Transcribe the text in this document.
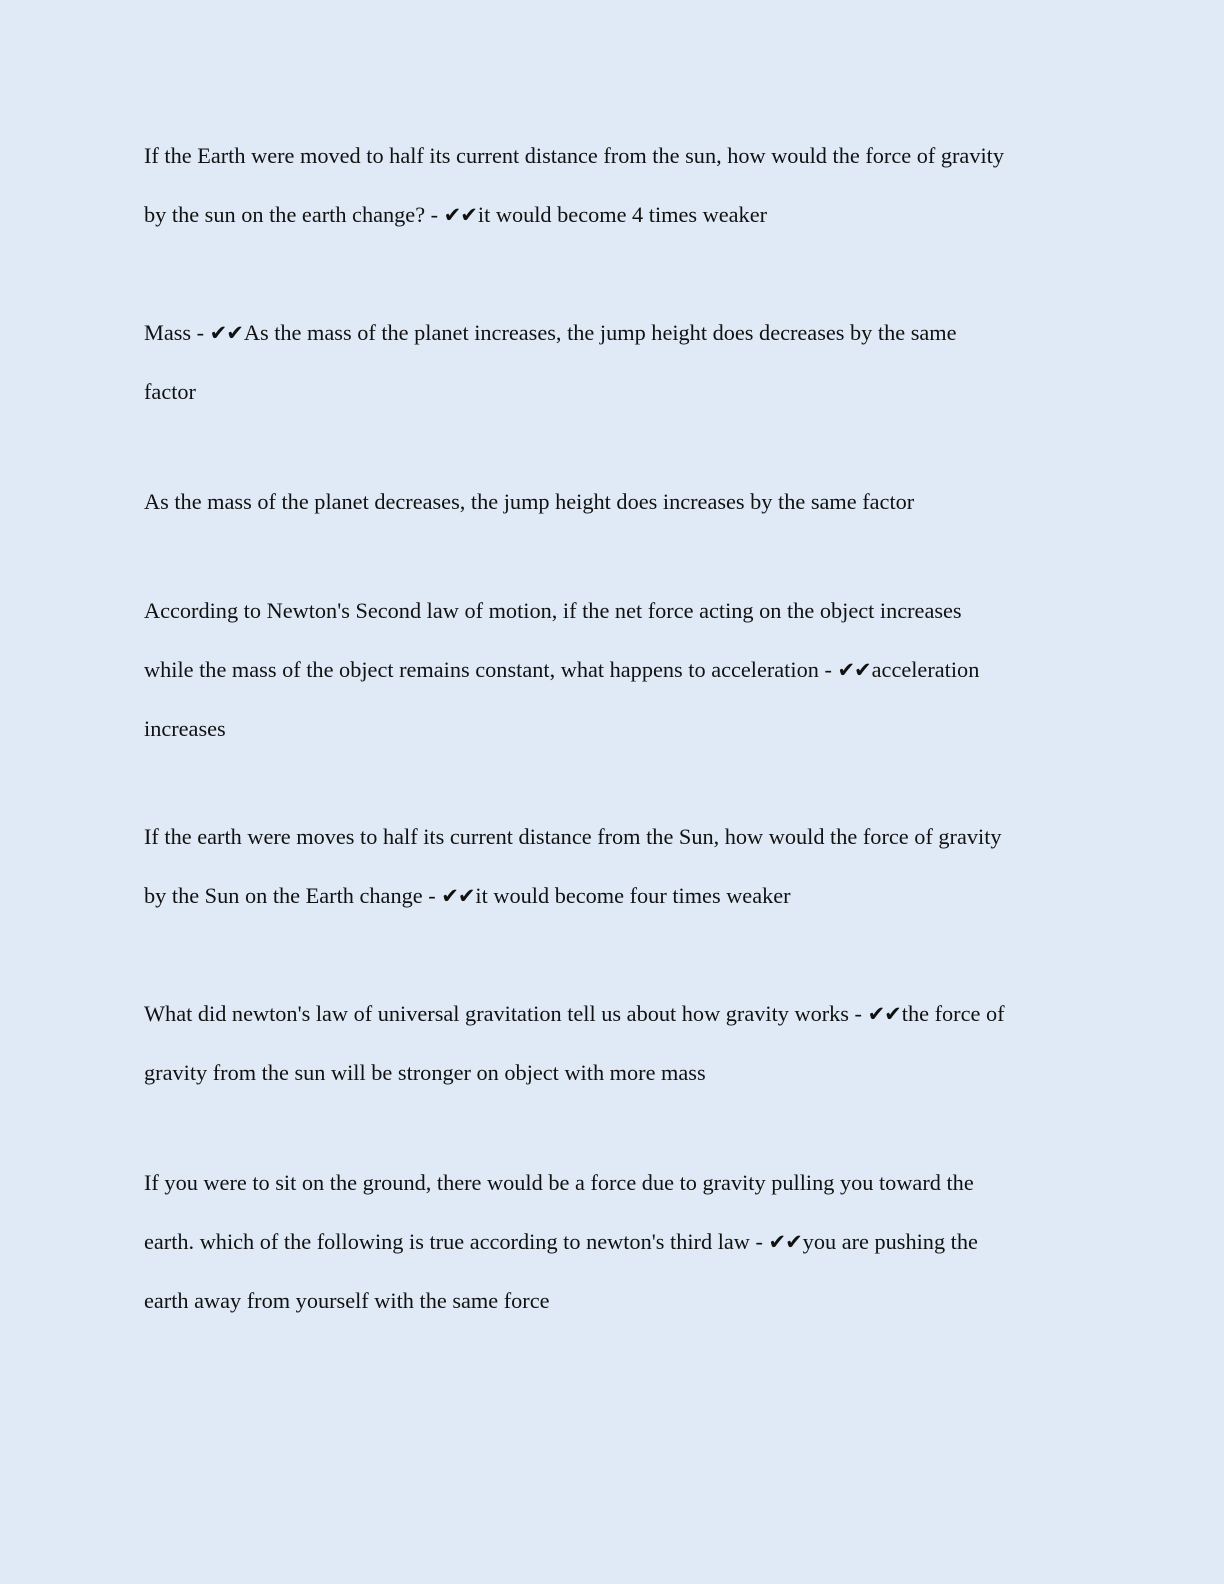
If the Earth were moved to half its current distance from the sun, how would the force of gravity
by the sun on the earth change? - ✔✔it would become 4 times weaker
Mass - ✔✔As the mass of the planet increases, the jump height does decreases by the same
factor
As the mass of the planet decreases, the jump height does increases by the same factor
According to Newton's Second law of motion, if the net force acting on the object increases
while the mass of the object remains constant, what happens to acceleration - ✔✔acceleration
increases
If the earth were moves to half its current distance from the Sun, how would the force of gravity
by the Sun on the Earth change - ✔✔it would become four times weaker
What did newton's law of universal gravitation tell us about how gravity works - ✔✔the force of
gravity from the sun will be stronger on object with more mass
If you were to sit on the ground, there would be a force due to gravity pulling you toward the
earth. which of the following is true according to newton's third law - ✔✔you are pushing the
earth away from yourself with the same force
